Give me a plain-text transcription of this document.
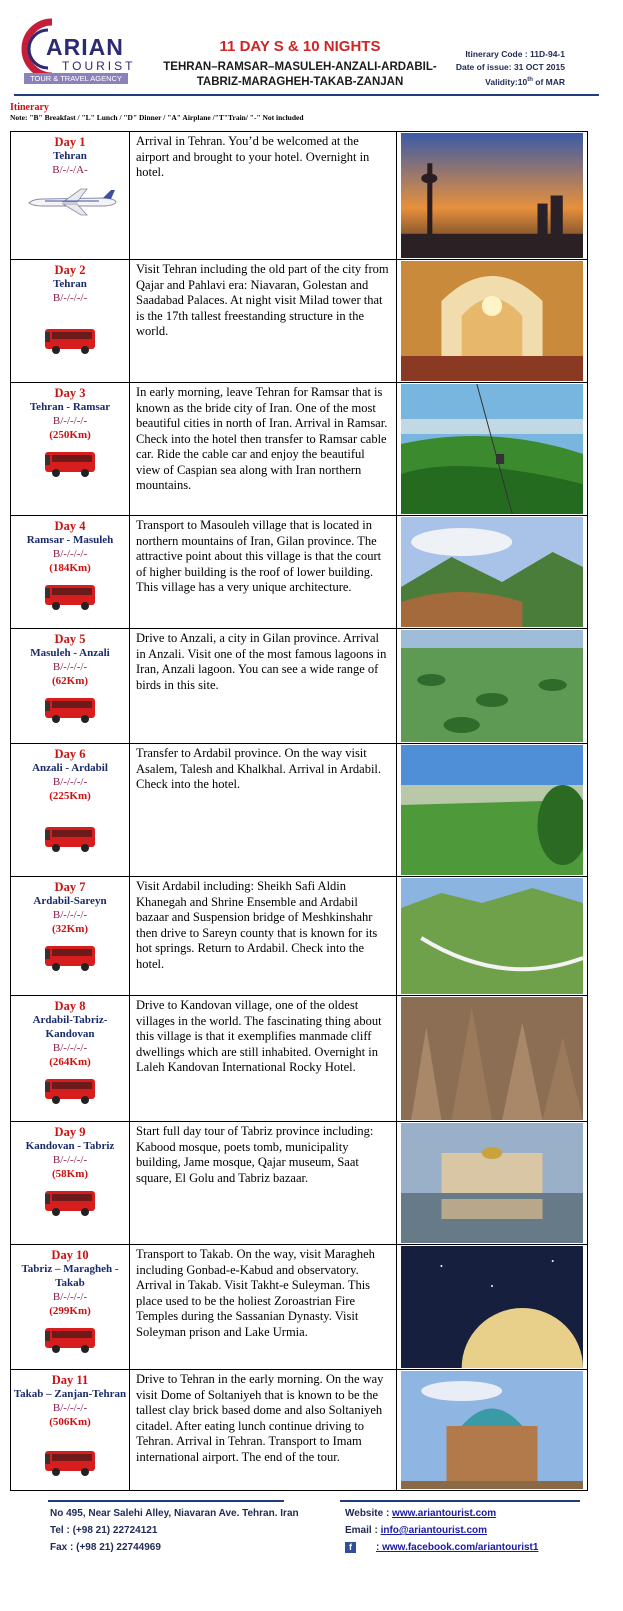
ARIAN
TOURIST
TOUR & TRAVEL AGENCY
11 DAY S & 10 NIGHTS
TEHRAN–RAMSAR–MASULEH-ANZALI-ARDABIL-
TABRIZ-MARAGHEH-TAKAB-ZANJAN
Itinerary Code : 11D-94-1
Date of issue: 31 OCT 2015
Validity:10th of MAR
Itinerary
Note: "B" Breakfast / "L" Lunch / "D" Dinner / "A" Airplane /"T"Train/ "-" Not included
Day 1
Tehran
B/-/-/A-
Arrival in Tehran. You’d be welcomed at the airport and brought to your hotel. Overnight in hotel.
Day 2
Tehran
B/-/-/-/-
Visit Tehran including the old part of the city from Qajar and Pahlavi era: Niavaran, Golestan and Saadabad Palaces. At night visit Milad tower that is the 17th tallest freestanding structure in the world.
Day 3
Tehran - Ramsar
B/-/-/-/-
(250Km)
In early morning, leave Tehran for Ramsar that is known as the bride city of Iran. One of the most beautiful cities in north of Iran. Arrival in Ramsar. Check into the hotel then transfer to Ramsar cable car. Ride the cable car and enjoy the beautiful view of Caspian sea along with Iran northern mountains.
Day 4
Ramsar - Masuleh
B/-/-/-/-
(184Km)
Transport to Masouleh village that is located in northern mountains of Iran, Gilan province. The attractive point about this village is that the court of higher building is the roof of lower building. This village has a very unique architecture.
Day 5
Masuleh - Anzali
B/-/-/-/-
(62Km)
Drive to Anzali, a city in Gilan province. Arrival in Anzali. Visit one of the most famous lagoons in Iran, Anzali lagoon. You can see a wide range of birds in this site.
Day 6
Anzali - Ardabil
B/-/-/-/-
(225Km)
Transfer to Ardabil province. On the way visit Asalem, Talesh and Khalkhal. Arrival in Ardabil. Check into the hotel.
Day 7
Ardabil-Sareyn
B/-/-/-/-
(32Km)
Visit Ardabil including: Sheikh Safi Aldin Khanegah and Shrine Ensemble and Ardabil bazaar and Suspension bridge of Meshkinshahr then drive to Sareyn county that is known for its hot springs. Return to Ardabil. Check into the hotel.
Day 8
Ardabil-Tabriz-Kandovan
B/-/-/-/-
(264Km)
Drive to Kandovan village, one of the oldest villages in the world. The fascinating thing about this village is that it exemplifies manmade cliff dwellings which are still inhabited. Overnight in Laleh Kandovan International Rocky Hotel.
Day 9
Kandovan - Tabriz
B/-/-/-/-
(58Km)
Start full day tour of Tabriz province including: Kabood mosque, poets tomb, municipality building, Jame mosque, Qajar museum, Saat square, El Golu and Tabriz bazaar.
Day 10
Tabriz – Maragheh - Takab
B/-/-/-/-
(299Km)
Transport to Takab. On the way, visit Maragheh including Gonbad-e-Kabud and observatory. Arrival in Takab. Visit Takht-e Suleyman. This place used to be the holiest Zoroastrian Fire Temples during the Sassanian Dynasty. Visit Soleyman prison and Lake Urmia.
Day 11
Takab – Zanjan-Tehran
B/-/-/-/-
(506Km)
Drive to Tehran in the early morning. On the way visit Dome of Soltaniyeh that is known to be the tallest clay brick based dome and also Soltaniyeh citadel. After eating lunch continue driving to Tehran. Arrival in Tehran. Transport to Imam international airport. The end of the tour.
No 495, Near Salehi Alley, Niavaran Ave. Tehran. Iran
Tel : (+98 21) 22724121
Fax : (+98 21) 22744969
Website : www.ariantourist.com
Email : info@ariantourist.com
f : www.facebook.com/ariantourist1
